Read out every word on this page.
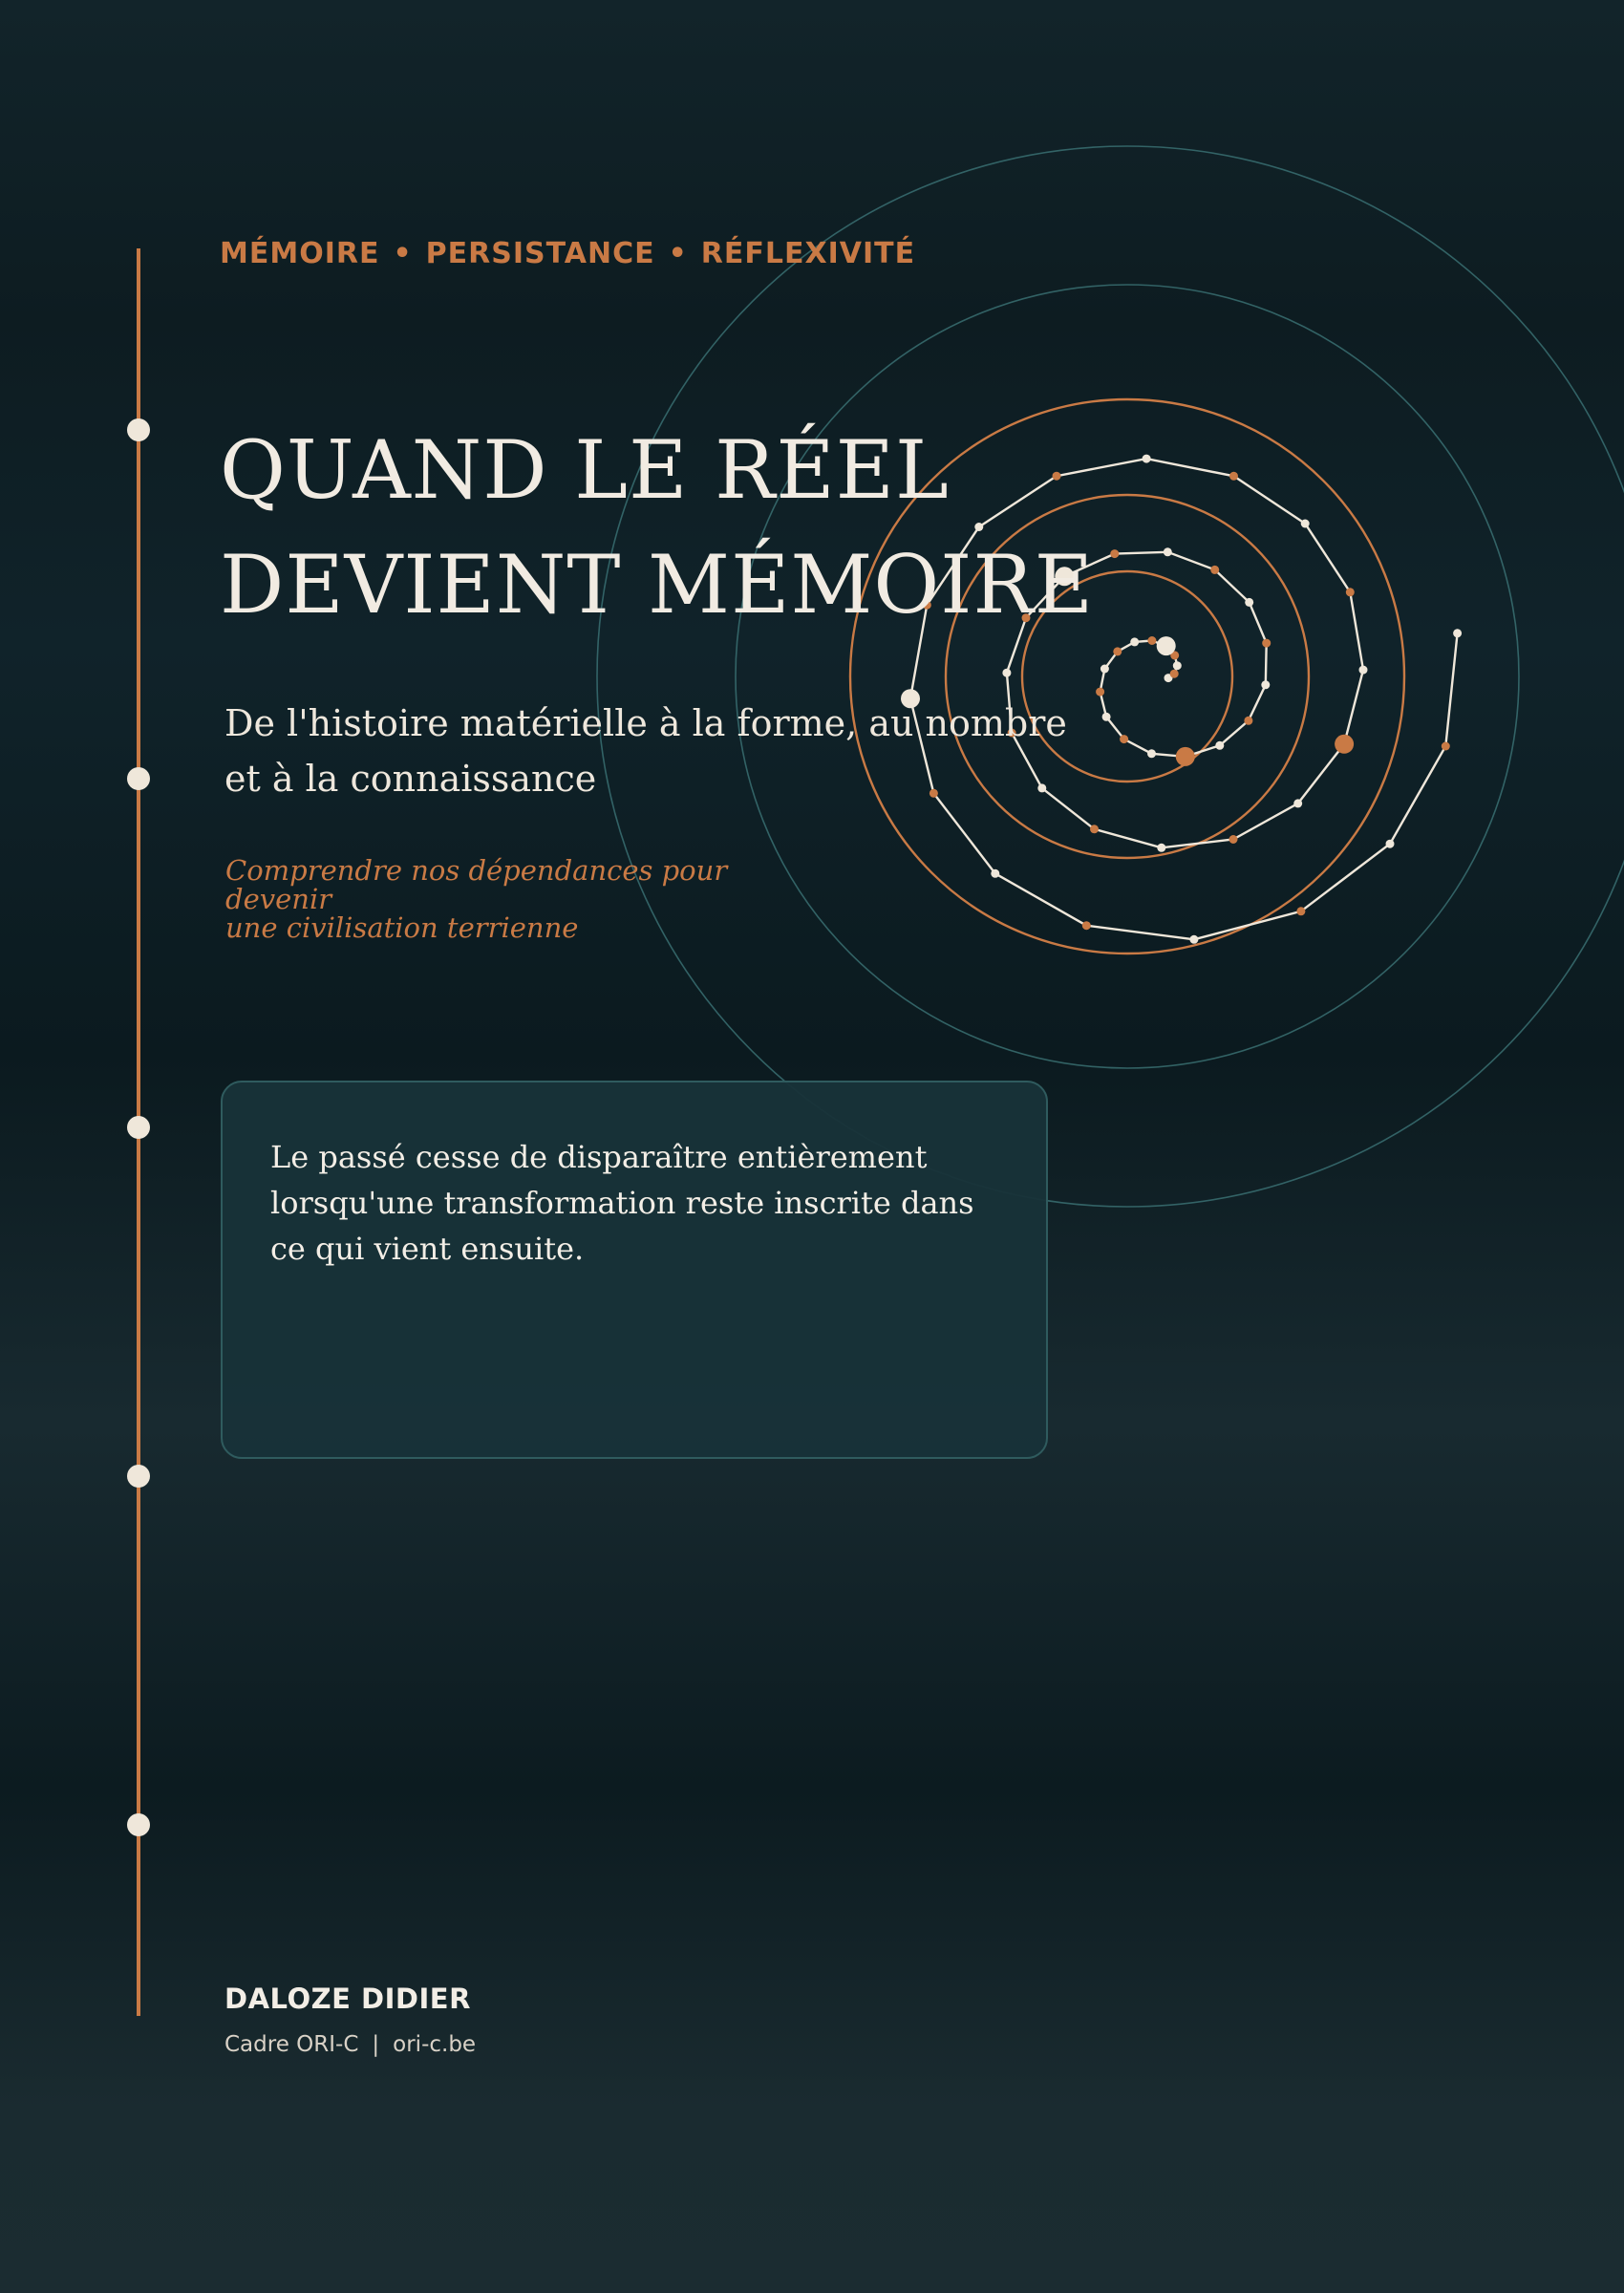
MÉMOIRE • PERSISTANCE • RÉFLEXIVITÉ
QUAND LE RÉEL
DEVIENT MÉMOIRE
De l'histoire matérielle à la forme, au nombre et à la connaissance
Comprendre nos dépendances pour devenir
une civilisation terrienne

Le passé cesse de disparaître entièrement lorsqu'une transformation reste inscrite dans ce qui vient ensuite.

DALOZE DIDIER
Cadre ORI-C | ori-c.be
